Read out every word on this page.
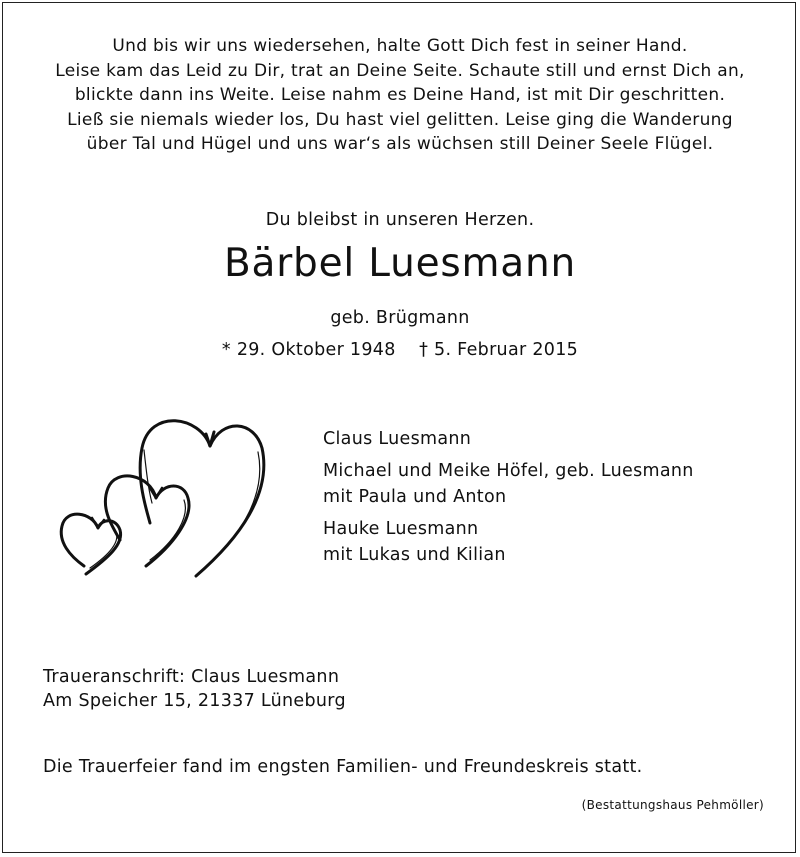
Und bis wir uns wiedersehen, halte Gott Dich fest in seiner Hand.
Leise kam das Leid zu Dir, trat an Deine Seite. Schaute still und ernst Dich an,
blickte dann ins Weite. Leise nahm es Deine Hand, ist mit Dir geschritten.
Ließ sie niemals wieder los, Du hast viel gelitten. Leise ging die Wanderung
über Tal und Hügel und uns war‘s als wüchsen still Deiner Seele Flügel.
Du bleibst in unseren Herzen.
Bärbel Luesmann
geb. Brügmann
* 29. Oktober 1948    † 5. Februar 2015
Claus Luesmann
Michael und Meike Höfel, geb. Luesmann
mit Paula und Anton
Hauke Luesmann
mit Lukas und Kilian
Traueranschrift: Claus Luesmann
Am Speicher 15, 21337 Lüneburg
Die Trauerfeier fand im engsten Familien- und Freundeskreis statt.
(Bestattungshaus Pehmöller)
